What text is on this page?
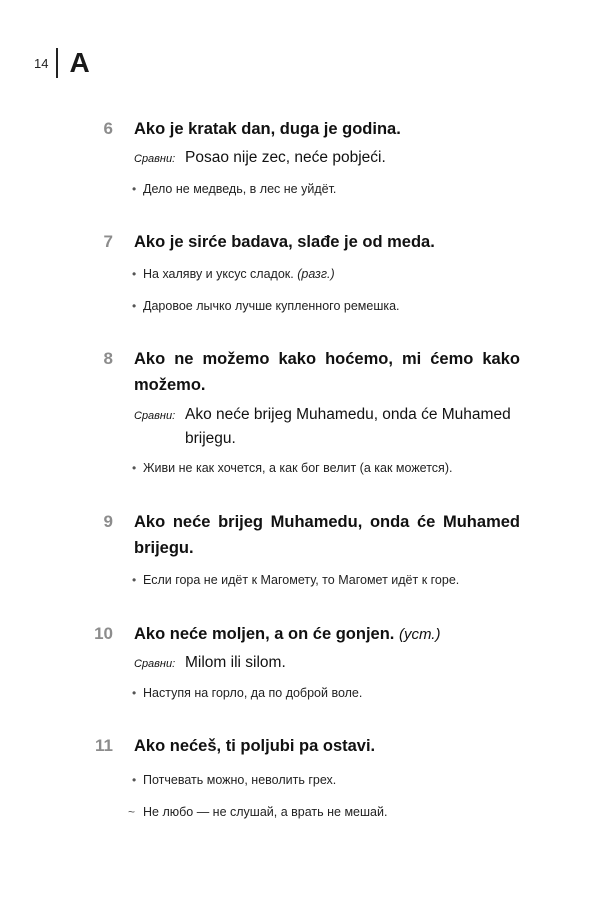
14 A
6 Ako je kratak dan, duga je godina.
Сравни: Posao nije zec, neće pobjeći.
• Дело не медведь, в лес не уйдёт.
7 Ako je sirće badava, slađe je od meda.
• На халяву и уксус сладок. (разг.)
• Даровое лычко лучше купленного ремешка.
8 Ako ne možemo kako hoćemo, mi ćemo kako možemo.
Сравни: Ako neće brijeg Muhamedu, onda će Muhamed brijegu.
• Живи не как хочется, а как бог велит (а как можется).
9 Ako neće brijeg Muhamedu, onda će Muhamed brijegu.
• Если гора не идёт к Магомету, то Магомет идёт к горе.
10 Ako neće moljen, a on će gonjen. (уст.)
Сравни: Milom ili silom.
• Наступя на горло, да по доброй воле.
11 Ako nećeš, ti poljubi pa ostavi.
• Потчевать можно, неволить грех.
~ Не любо — не слушай, а врать не мешай.
